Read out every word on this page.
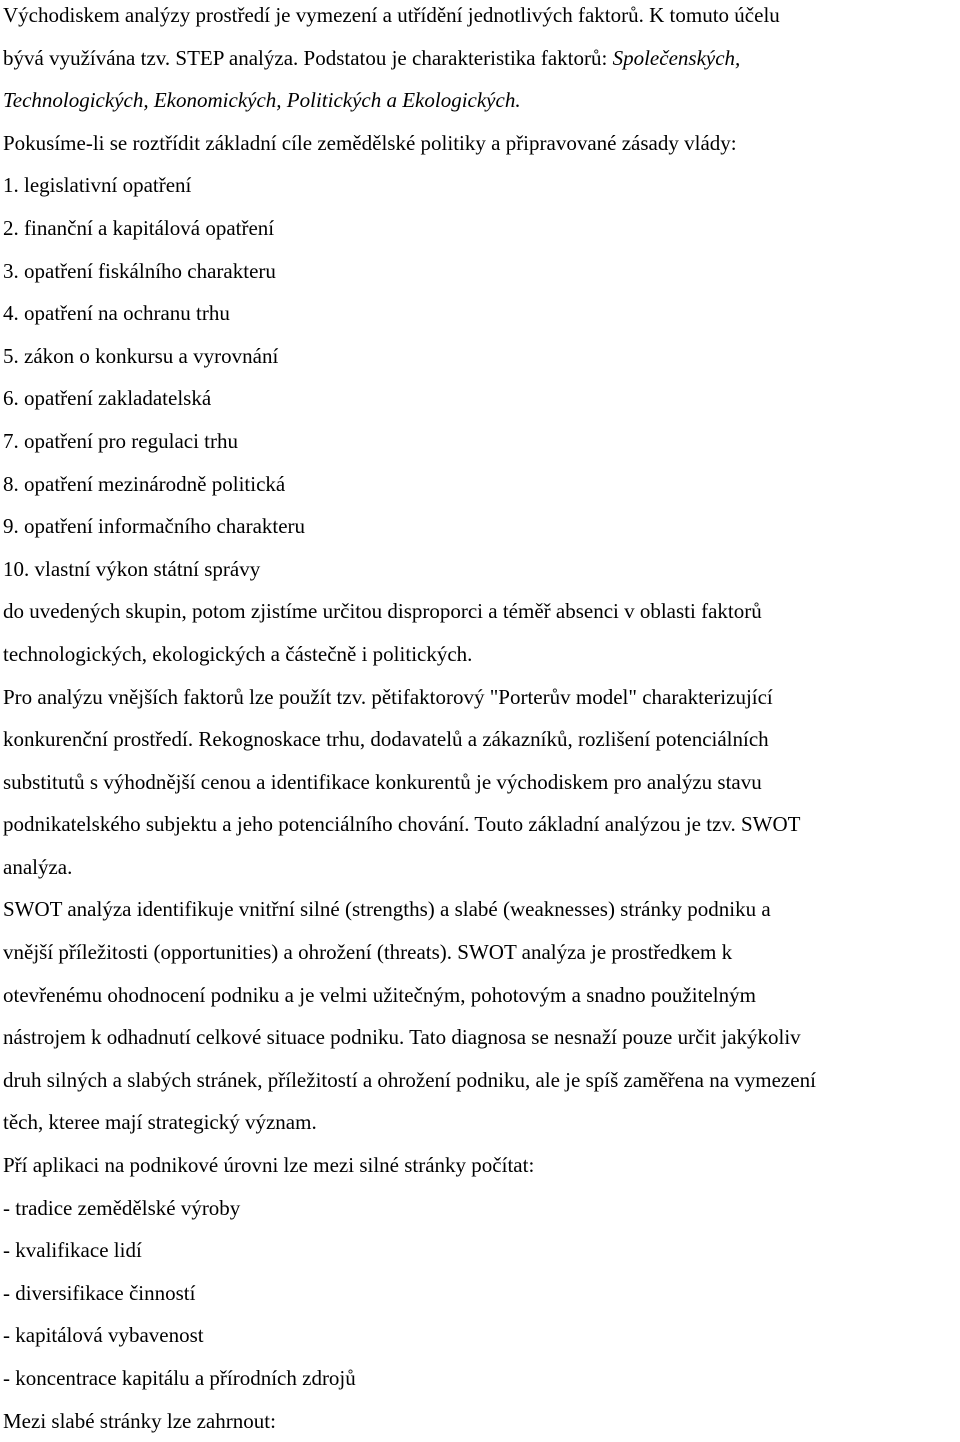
Východiskem analýzy prostředí je vymezení a utřídění jednotlivých faktorů. K tomuto účelu
bývá využívána tzv. STEP analýza. Podstatou je charakteristika faktorů: Společenských,
Technologických, Ekonomických, Politických a Ekologických.
Pokusíme-li se roztřídit základní cíle zemědělské politiky a připravované zásady vlády:
1. legislativní opatření
2. finanční a kapitálová opatření
3. opatření fiskálního charakteru
4. opatření na ochranu trhu
5. zákon o konkursu a vyrovnání
6. opatření zakladatelská
7. opatření pro regulaci trhu
8. opatření mezinárodně politická
9. opatření informačního charakteru
10. vlastní výkon státní správy
do uvedených skupin, potom zjistíme určitou disproporci a téměř absenci v oblasti faktorů
technologických, ekologických a částečně i politických.
Pro analýzu vnějších faktorů lze použít tzv. pětifaktorový "Porterův model" charakterizující
konkurenční prostředí. Rekognoskace trhu, dodavatelů a zákazníků, rozlišení potenciálních
substitutů s výhodnější cenou a identifikace konkurentů je východiskem pro analýzu stavu
podnikatelského subjektu a jeho potenciálního chování. Touto základní analýzou je tzv. SWOT
analýza.
SWOT analýza identifikuje vnitřní silné (strengths) a slabé (weaknesses) stránky podniku a
vnější příležitosti (opportunities) a ohrožení (threats). SWOT analýza je prostředkem k
otevřenému ohodnocení podniku a je velmi užitečným, pohotovým a snadno použitelným
nástrojem k odhadnutí celkové situace podniku. Tato diagnosa se nesnaží pouze určit jakýkoliv
druh silných a slabých stránek, příležitostí a ohrožení podniku, ale je spíš zaměřena na vymezení
těch, kteree mají strategický význam.
Pří aplikaci na podnikové úrovni lze mezi silné stránky počítat:
- tradice zemědělské výroby
- kvalifikace lidí
- diversifikace činností
- kapitálová vybavenost
- koncentrace kapitálu a přírodních zdrojů
Mezi slabé stránky lze zahrnout:
